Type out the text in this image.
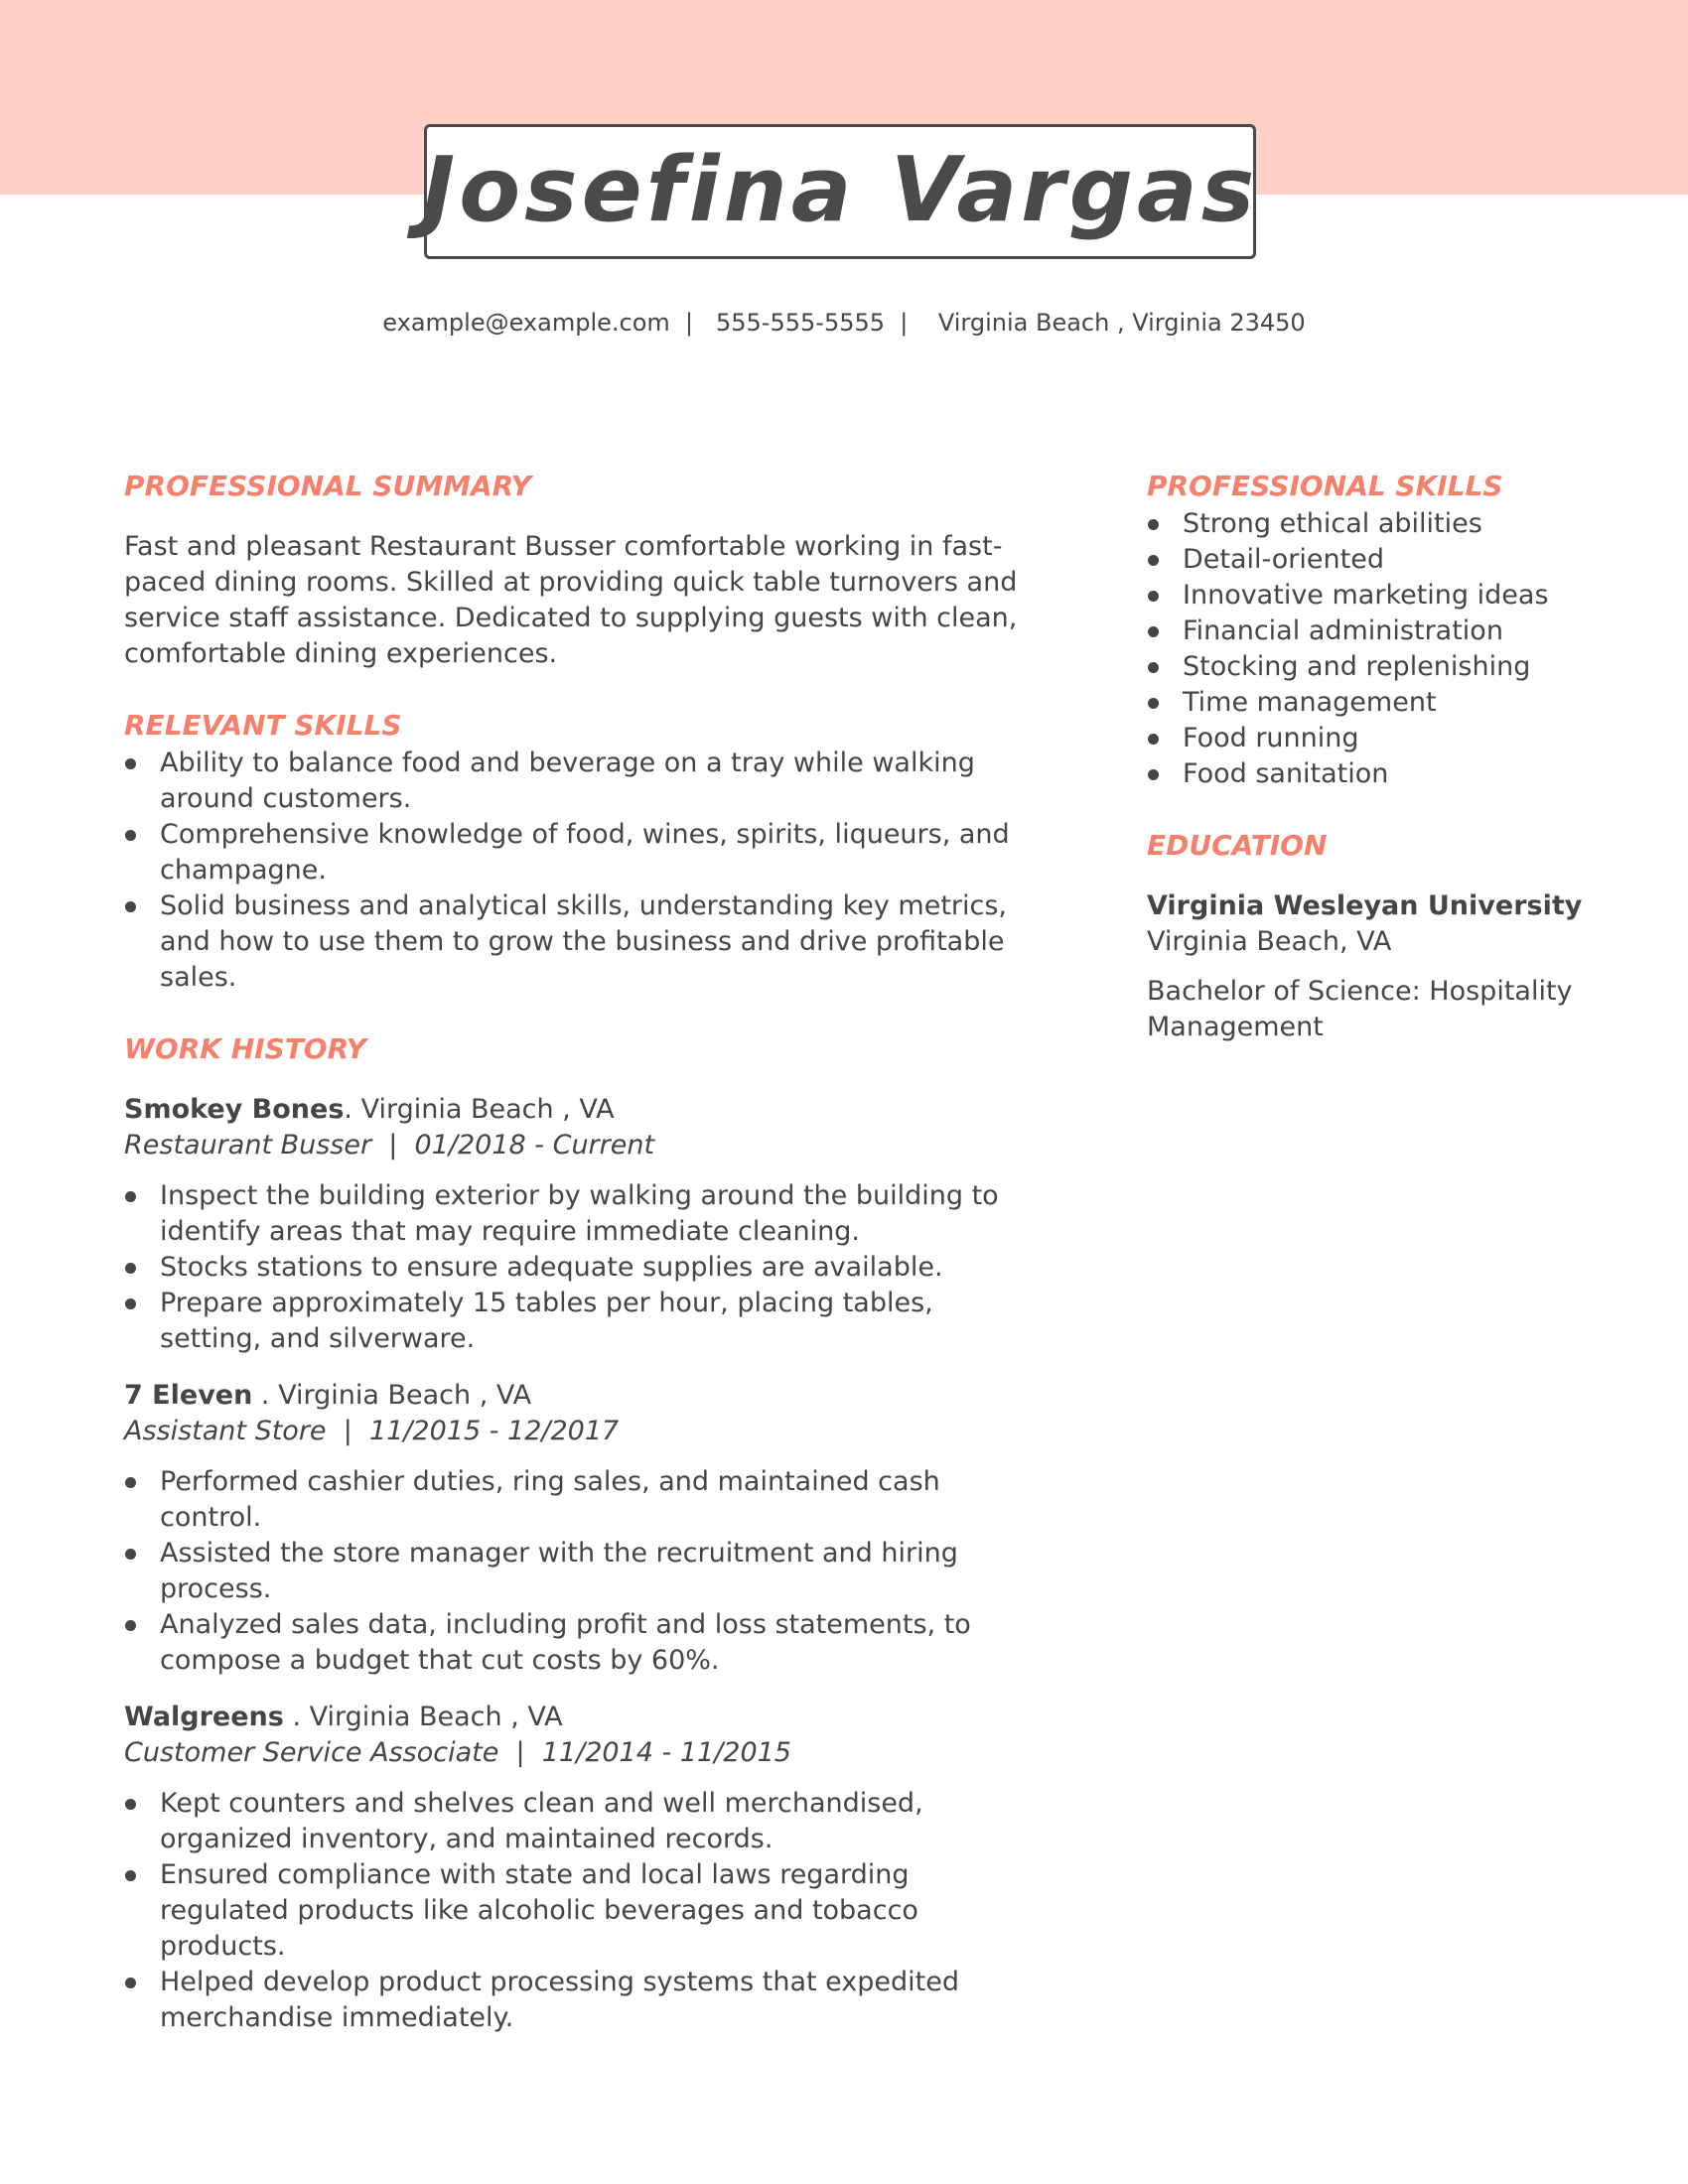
Josefina Vargas
example@example.com  |   555-555-5555  |    Virginia Beach , Virginia 23450
PROFESSIONAL SUMMARY

Fast and pleasant Restaurant Busser comfortable working in fast-paced dining rooms. Skilled at providing quick table turnovers and service staff assistance. Dedicated to supplying guests with clean, comfortable dining experiences.

RELEVANT SKILLS
Ability to balance food and beverage on a tray while walking around customers.
Comprehensive knowledge of food, wines, spirits, liqueurs, and champagne.
Solid business and analytical skills, understanding key metrics, and how to use them to grow the business and drive profitable sales.
WORK HISTORY
Smokey Bones. Virginia Beach , VA
Restaurant Busser  |  01/2018 - Current
Inspect the building exterior by walking around the building to identify areas that may require immediate cleaning.
Stocks stations to ensure adequate supplies are available.
Prepare approximately 15 tables per hour, placing tables, setting, and silverware.
7 Eleven . Virginia Beach , VA
Assistant Store  |  11/2015 - 12/2017
Performed cashier duties, ring sales, and maintained cash control.
Assisted the store manager with the recruitment and hiring process.
Analyzed sales data, including profit and loss statements, to compose a budget that cut costs by 60%.
Walgreens . Virginia Beach , VA
Customer Service Associate  |  11/2014 - 11/2015
Kept counters and shelves clean and well merchandised, organized inventory, and maintained records.
Ensured compliance with state and local laws regarding regulated products like alcoholic beverages and tobacco products.
Helped develop product processing systems that expedited merchandise immediately.
PROFESSIONAL SKILLS
Strong ethical abilities
Detail-oriented
Innovative marketing ideas
Financial administration
Stocking and replenishing
Time management
Food running
Food sanitation
EDUCATION
Virginia Wesleyan University
Virginia Beach, VA
Bachelor of Science: Hospitality Management
